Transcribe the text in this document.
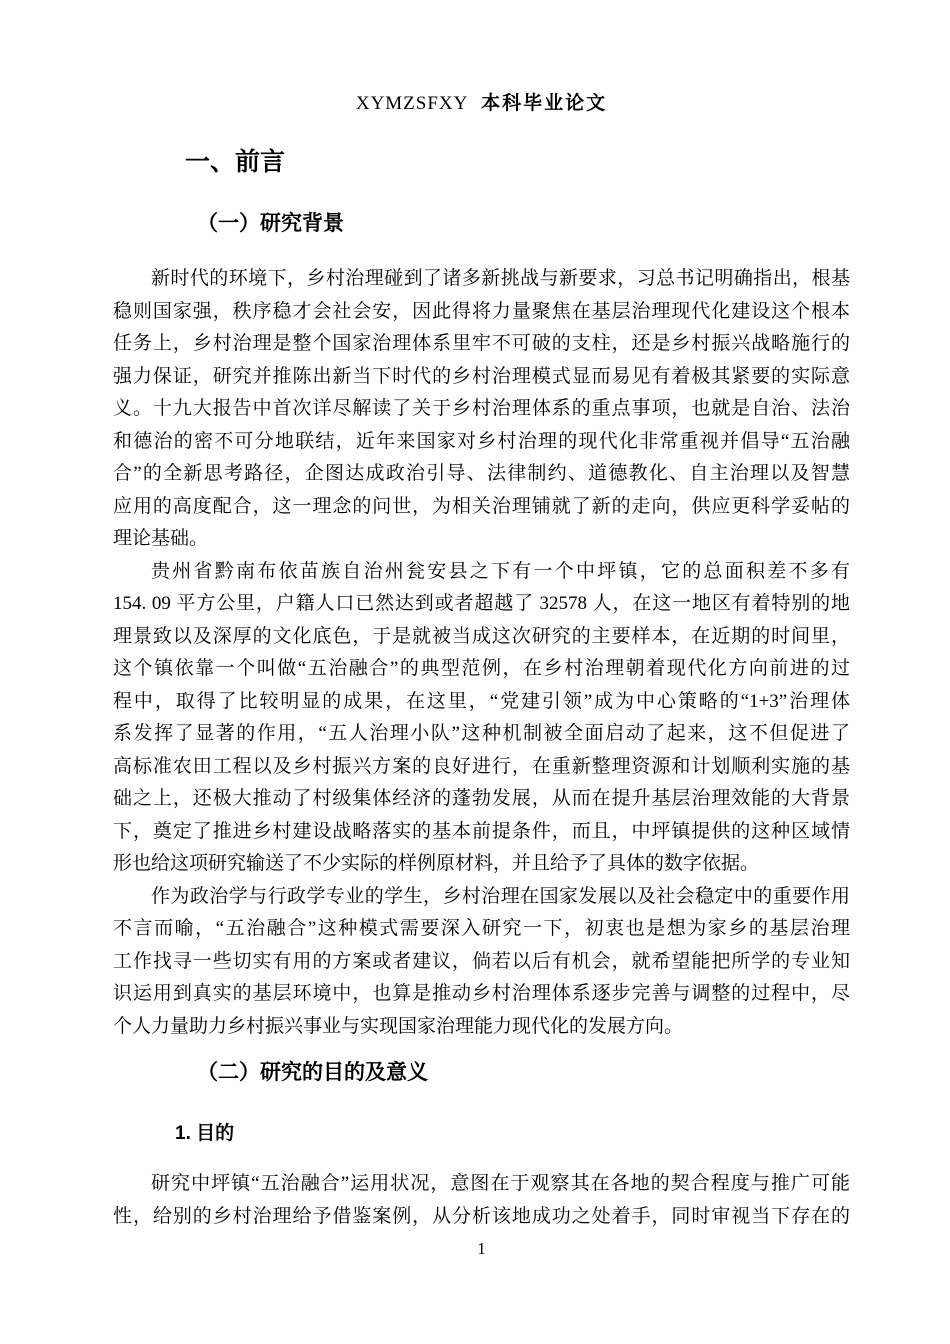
XYMZSFXY 本科毕业论文
一、前言
（一）研究背景
新时代的环境下，乡村治理碰到了诸多新挑战与新要求，习总书记明确指出，根基
稳则国家强，秩序稳才会社会安，因此得将力量聚焦在基层治理现代化建设这个根本
任务上，乡村治理是整个国家治理体系里牢不可破的支柱，还是乡村振兴战略施行的
强力保证，研究并推陈出新当下时代的乡村治理模式显而易见有着极其紧要的实际意
义。十九大报告中首次详尽解读了关于乡村治理体系的重点事项，也就是自治、法治
和德治的密不可分地联结，近年来国家对乡村治理的现代化非常重视并倡导“五治融
合”的全新思考路径，企图达成政治引导、法律制约、道德教化、自主治理以及智慧
应用的高度配合，这一理念的问世，为相关治理铺就了新的走向，供应更科学妥帖的
理论基础。
贵州省黔南布依苗族自治州瓮安县之下有一个中坪镇，它的总面积差不多有
154. 09 平方公里，户籍人口已然达到或者超越了 32578 人，在这一地区有着特别的地
理景致以及深厚的文化底色，于是就被当成这次研究的主要样本，在近期的时间里，
这个镇依靠一个叫做“五治融合”的典型范例，在乡村治理朝着现代化方向前进的过
程中，取得了比较明显的成果，在这里，“党建引领”成为中心策略的“1+3”治理体
系发挥了显著的作用，“五人治理小队”这种机制被全面启动了起来，这不但促进了
高标准农田工程以及乡村振兴方案的良好进行，在重新整理资源和计划顺利实施的基
础之上，还极大推动了村级集体经济的蓬勃发展，从而在提升基层治理效能的大背景
下，奠定了推进乡村建设战略落实的基本前提条件，而且，中坪镇提供的这种区域情
形也给这项研究输送了不少实际的样例原材料，并且给予了具体的数字依据。
作为政治学与行政学专业的学生，乡村治理在国家发展以及社会稳定中的重要作用
不言而喻，“五治融合”这种模式需要深入研究一下，初衷也是想为家乡的基层治理
工作找寻一些切实有用的方案或者建议，倘若以后有机会，就希望能把所学的专业知
识运用到真实的基层环境中，也算是推动乡村治理体系逐步完善与调整的过程中，尽
个人力量助力乡村振兴事业与实现国家治理能力现代化的发展方向。
（二）研究的目的及意义
1. 目的
研究中坪镇“五治融合”运用状况，意图在于观察其在各地的契合程度与推广可能
性，给别的乡村治理给予借鉴案例，从分析该地成功之处着手，同时审视当下存在的
1
